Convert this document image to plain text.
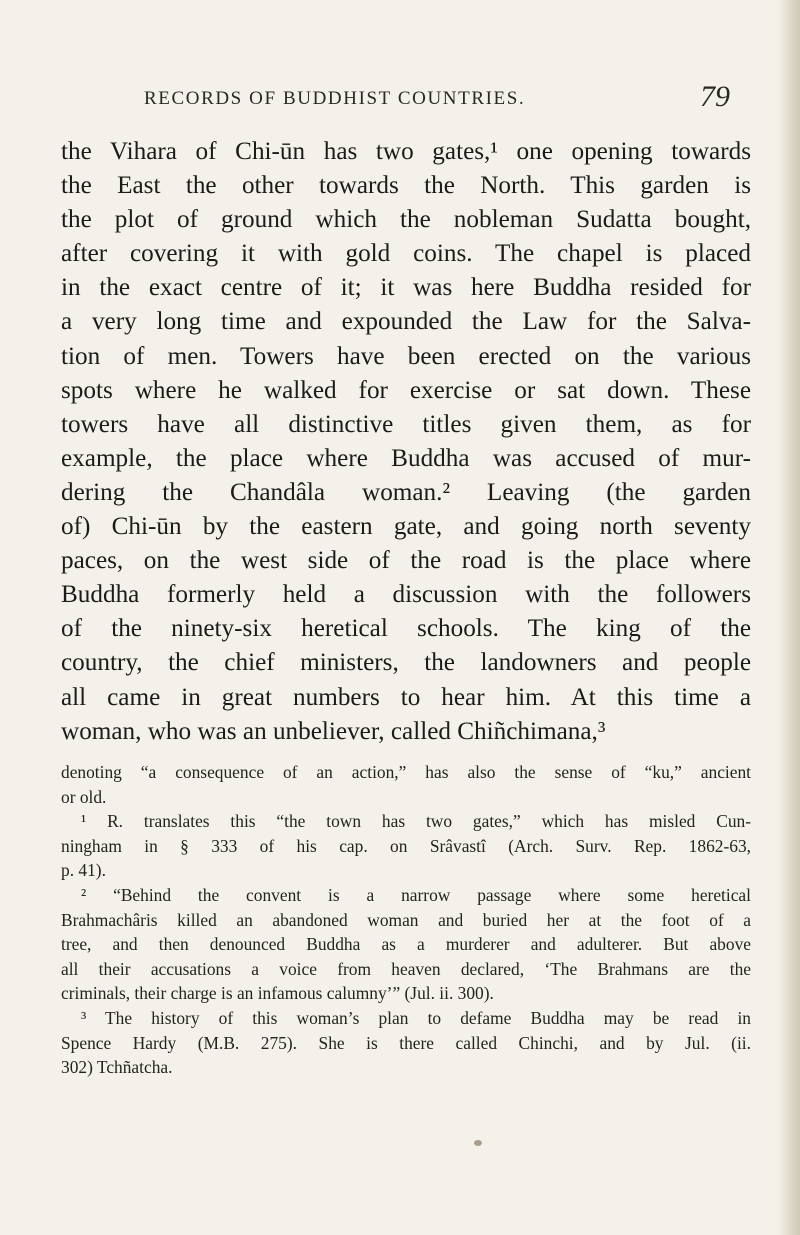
RECORDS OF BUDDHIST COUNTRIES.	79
the Vihara of Chi-ūn has two gates,¹ one opening towards
the East the other towards the North. This garden is
the plot of ground which the nobleman Sudatta bought,
after covering it with gold coins. The chapel is placed
in the exact centre of it; it was here Buddha resided for
a very long time and expounded the Law for the Salva-
tion of men. Towers have been erected on the various
spots where he walked for exercise or sat down. These
towers have all distinctive titles given them, as for
example, the place where Buddha was accused of mur-
dering the Chandâla woman.² Leaving (the garden
of) Chi-ūn by the eastern gate, and going north seventy
paces, on the west side of the road is the place where
Buddha formerly held a discussion with the followers
of the ninety-six heretical schools. The king of the
country, the chief ministers, the landowners and people
all came in great numbers to hear him. At this time a
woman, who was an unbeliever, called Chiñchimana,³
denoting “a consequence of an action,” has also the sense of “ku,” ancient
or old.
¹ R. translates this “the town has two gates,” which has misled Cun-
ningham in § 333 of his cap. on Srâvastî (Arch. Surv. Rep. 1862-63,
p. 41).
² “Behind the convent is a narrow passage where some heretical
Brahmachâris killed an abandoned woman and buried her at the foot of a
tree, and then denounced Buddha as a murderer and adulterer. But above
all their accusations a voice from heaven declared, ‘The Brahmans are the
criminals, their charge is an infamous calumny’” (Jul. ii. 300).
³ The history of this woman’s plan to defame Buddha may be read in
Spence Hardy (M.B. 275). She is there called Chinchi, and by Jul. (ii.
302) Tchñatcha.
